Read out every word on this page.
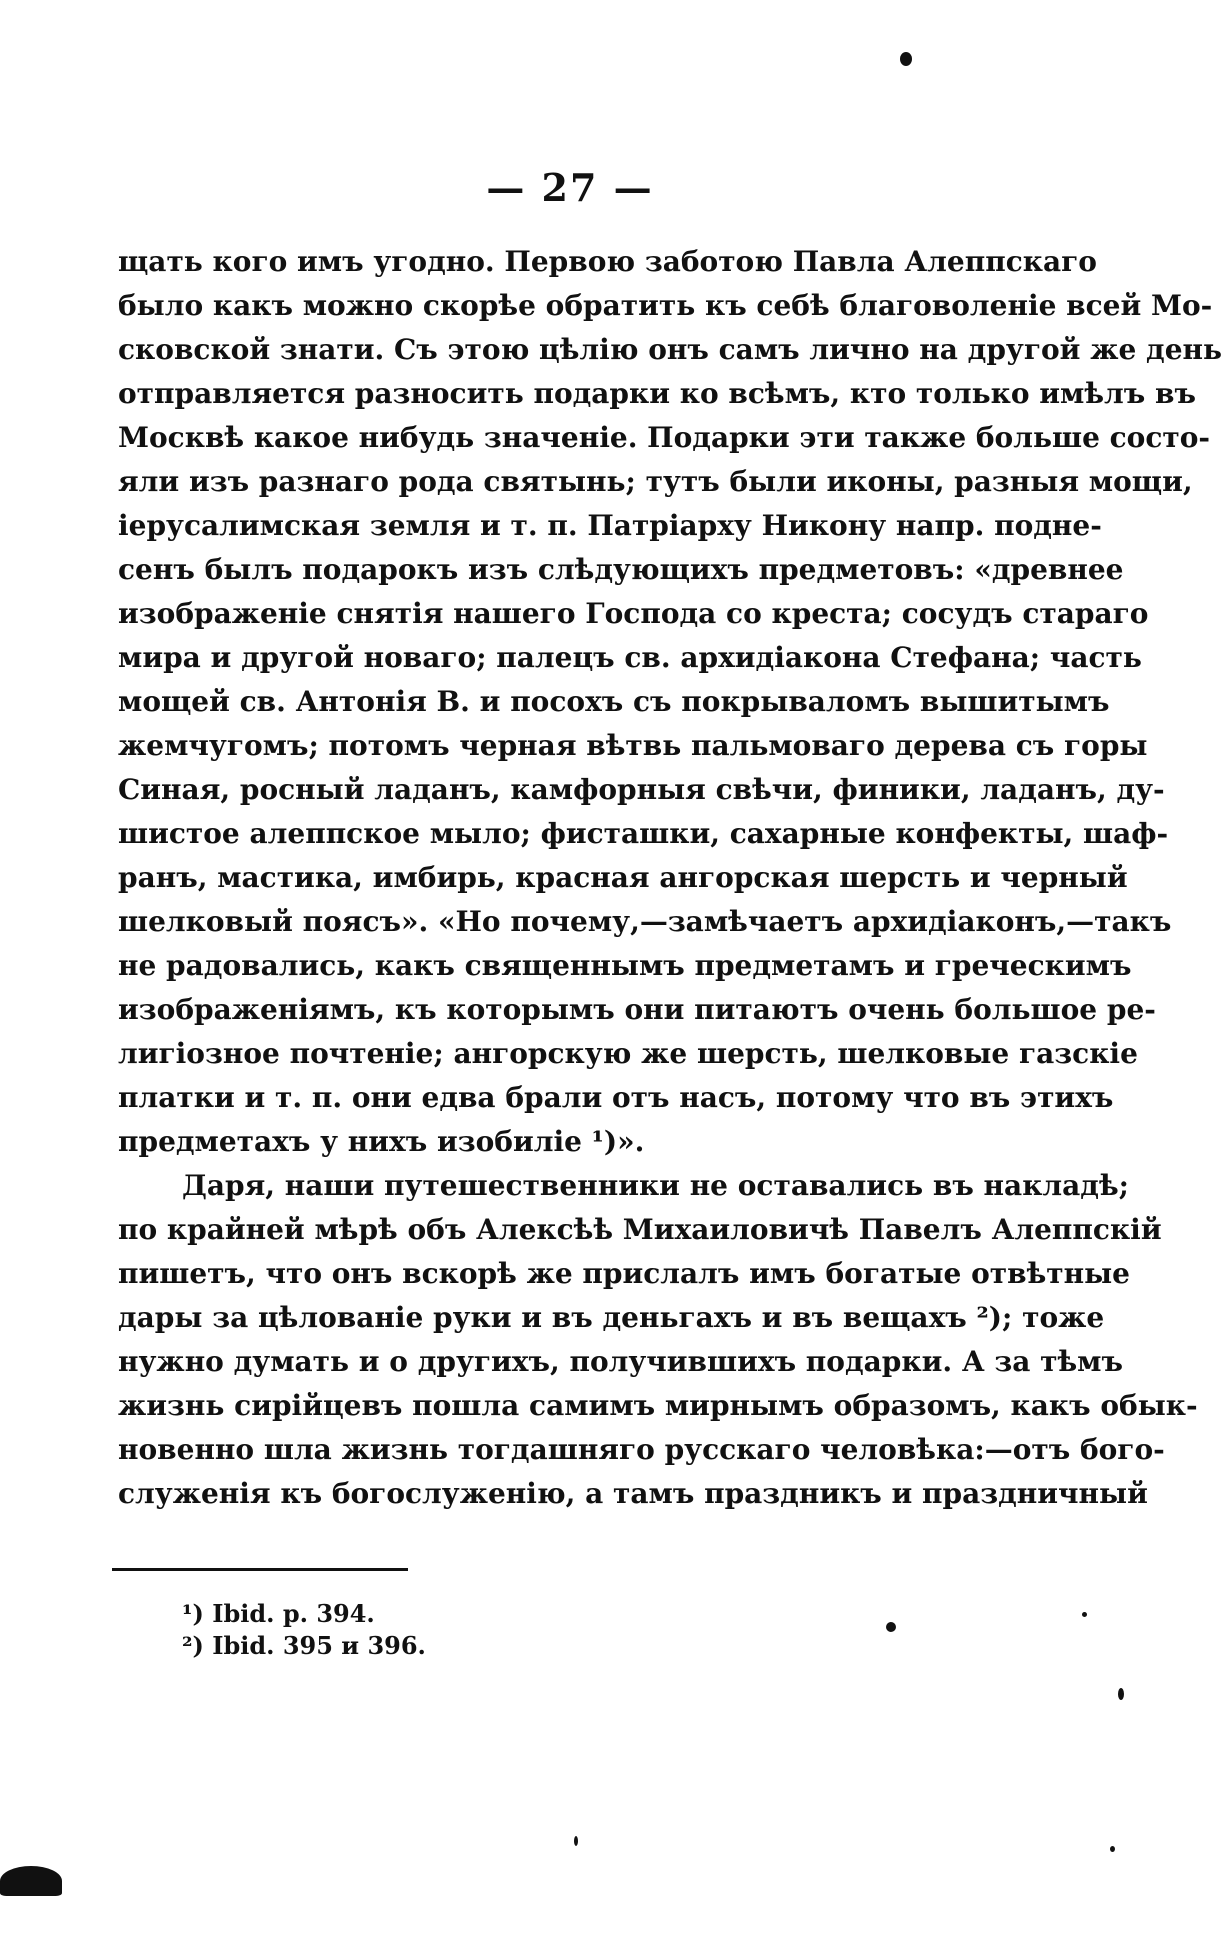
— 27 —
щать кого имъ угодно. Первою заботою Павла Алеппскаго
было какъ можно скорѣе обратить къ себѣ благоволеніе всей Мо-
сковской знати. Съ этою цѣлію онъ самъ лично на другой же день
отправляется разносить подарки ко всѣмъ, кто только имѣлъ въ
Москвѣ какое нибудь значеніе. Подарки эти также больше состо-
яли изъ разнаго рода святынь; тутъ были иконы, разныя мощи,
іерусалимская земля и т. п. Патріарху Никону напр. подне-
сенъ былъ подарокъ изъ слѣдующихъ предметовъ: «древнее
изображеніе снятія нашего Господа со креста; сосудъ стараго
мира и другой новаго; палецъ св. архидіакона Стефана; часть
мощей св. Антонія В. и посохъ съ покрываломъ вышитымъ
жемчугомъ; потомъ черная вѣтвь пальмоваго дерева съ горы
Синая, росный ладанъ, камфорныя свѣчи, финики, ладанъ, ду-
шистое алеппское мыло; фисташки, сахарные конфекты, шаф-
ранъ, мастика, имбирь, красная ангорская шерсть и черный
шелковый поясъ». «Но почему,—замѣчаетъ архидіаконъ,—такъ
не радовались, какъ священнымъ предметамъ и греческимъ
изображеніямъ, къ которымъ они питаютъ очень большое ре-
лигіозное почтеніе; ангорскую же шерсть, шелковые газскіе
платки и т. п. они едва брали отъ насъ, потому что въ этихъ
предметахъ у нихъ изобиліе ¹)».
Даря, наши путешественники не оставались въ накладѣ;
по крайней мѣрѣ объ Алексѣѣ Михаиловичѣ Павелъ Алеппскій
пишетъ, что онъ вскорѣ же прислалъ имъ богатые отвѣтные
дары за цѣлованіе руки и въ деньгахъ и въ вещахъ ²); тоже
нужно думать и о другихъ, получившихъ подарки. А за тѣмъ
жизнь сирійцевъ пошла самимъ мирнымъ образомъ, какъ обык-
новенно шла жизнь тогдашняго русскаго человѣка:—отъ бого-
служенія къ богослуженію, а тамъ праздникъ и праздничный
¹) Ibid. p. 394.
²) Ibid. 395 и 396.
